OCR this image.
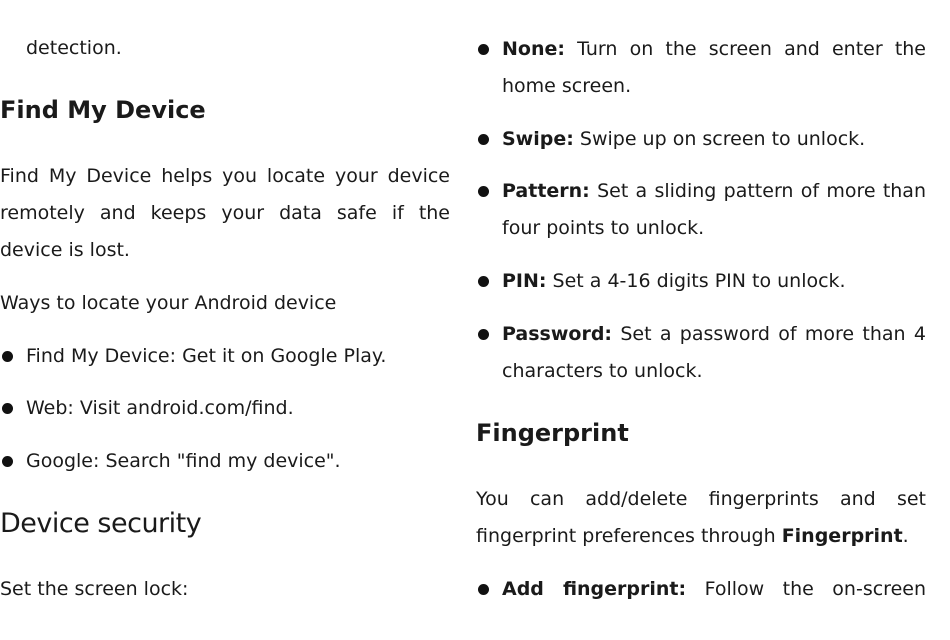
detection.
Find My Device
Find My Device helps you locate your device remotely and keeps your data safe if the device is lost.
Ways to locate your Android device
Find My Device: Get it on Google Play.
Web: Visit android.com/find.
Google: Search "find my device".
Device security
Set the screen lock:
None: Turn on the screen and enter the home screen.
Swipe: Swipe up on screen to unlock.
Pattern: Set a sliding pattern of more than four points to unlock.
PIN: Set a 4-16 digits PIN to unlock.
Password: Set a password of more than 4 characters to unlock.
Fingerprint
You can add/delete fingerprints and set fingerprint preferences through Fingerprint.
Add fingerprint: Follow the on-screen
